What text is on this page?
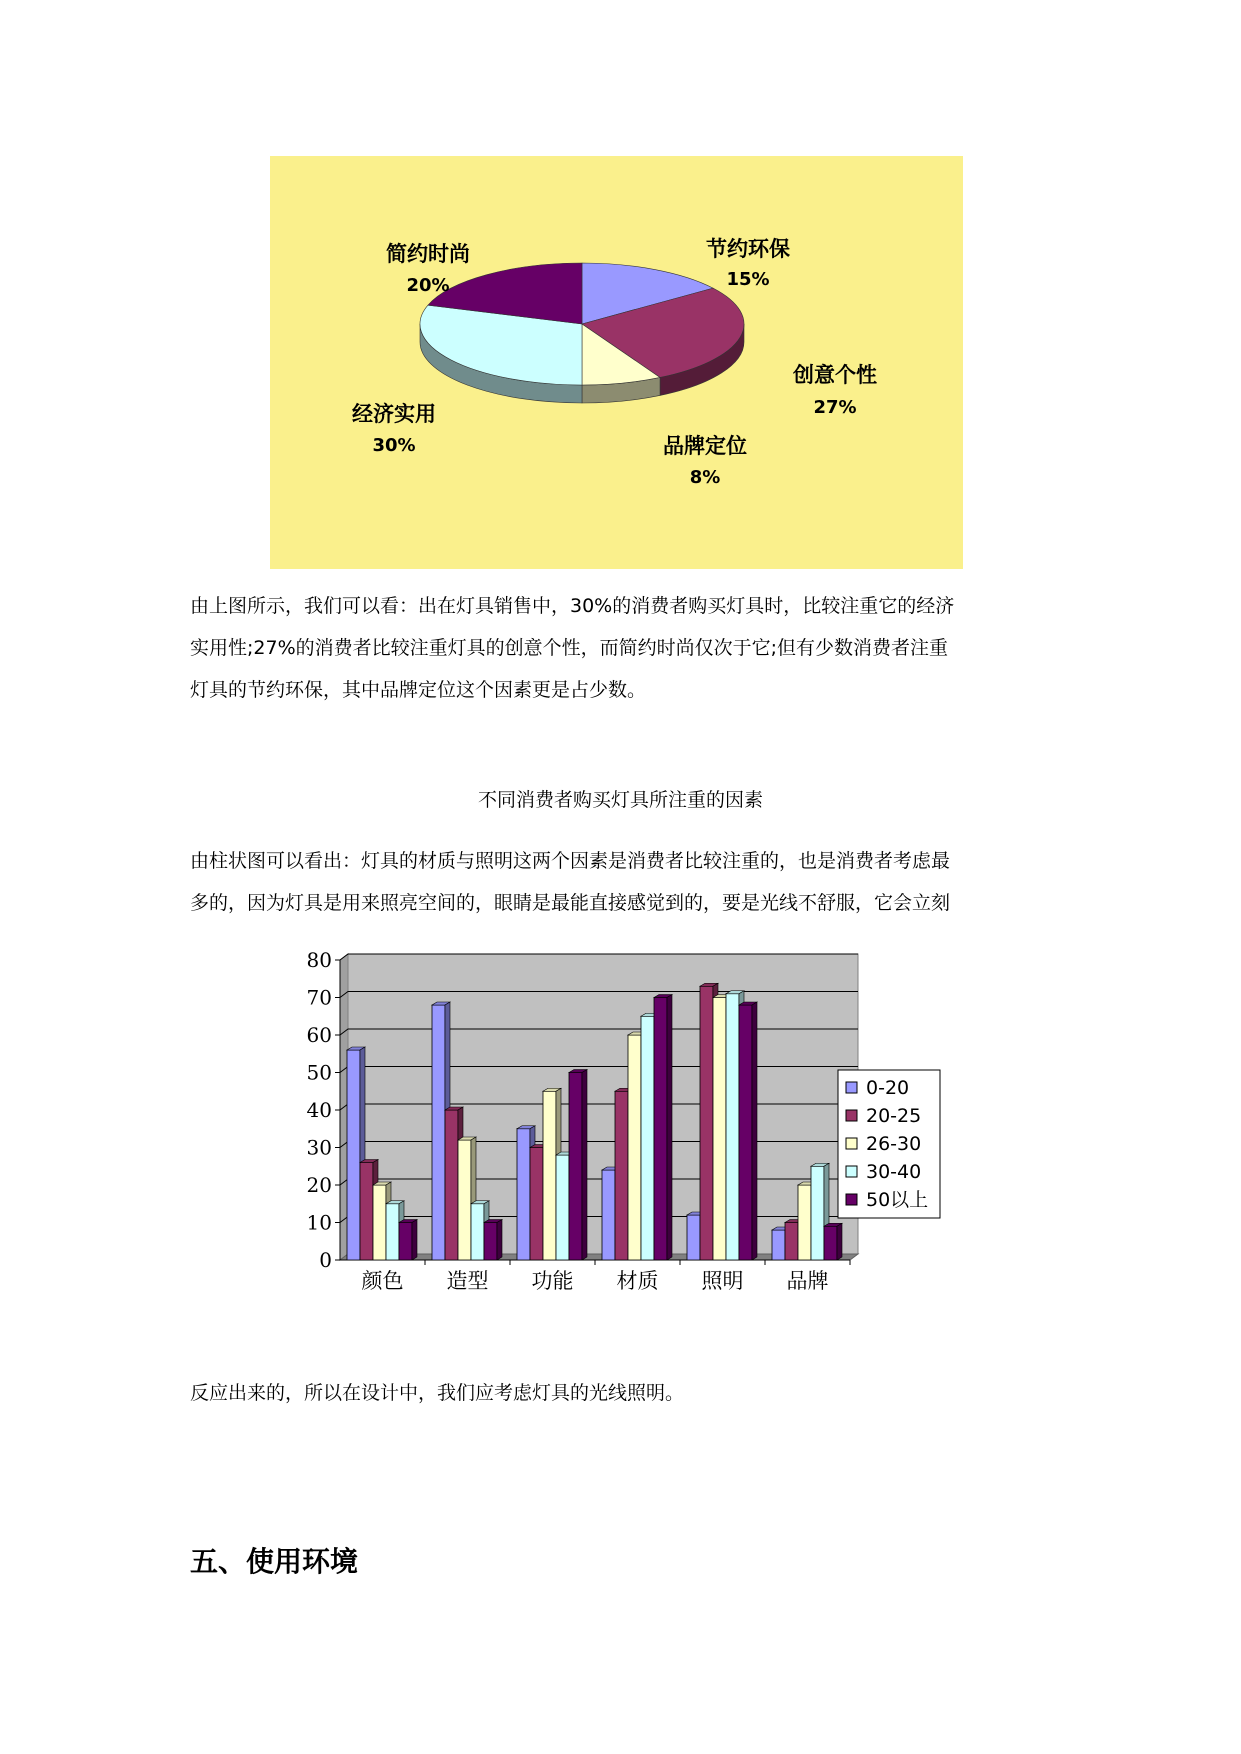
节约环保
15%
创意个性
27%
品牌定位
8%
经济实用
30%
简约时尚
20%

由上图所示，我们可以看：出在灯具销售中，30%的消费者购买灯具时，比较注重它的经济
实用性;27%的消费者比较注重灯具的创意个性，而简约时尚仅次于它;但有少数消费者注重
灯具的节约环保，其中品牌定位这个因素更是占少数。

不同消费者购买灯具所注重的因素

由柱状图可以看出：灯具的材质与照明这两个因素是消费者比较注重的，也是消费者考虑最
多的，因为灯具是用来照亮空间的，眼睛是最能直接感觉到的，要是光线不舒服，它会立刻

0
10
20
30
40
50
60
70
80
颜色 造型 功能 材质 照明 品牌
0-20
20-25
26-30
30-40
50以上

反应出来的，所以在设计中，我们应考虑灯具的光线照明。

五、使用环境
